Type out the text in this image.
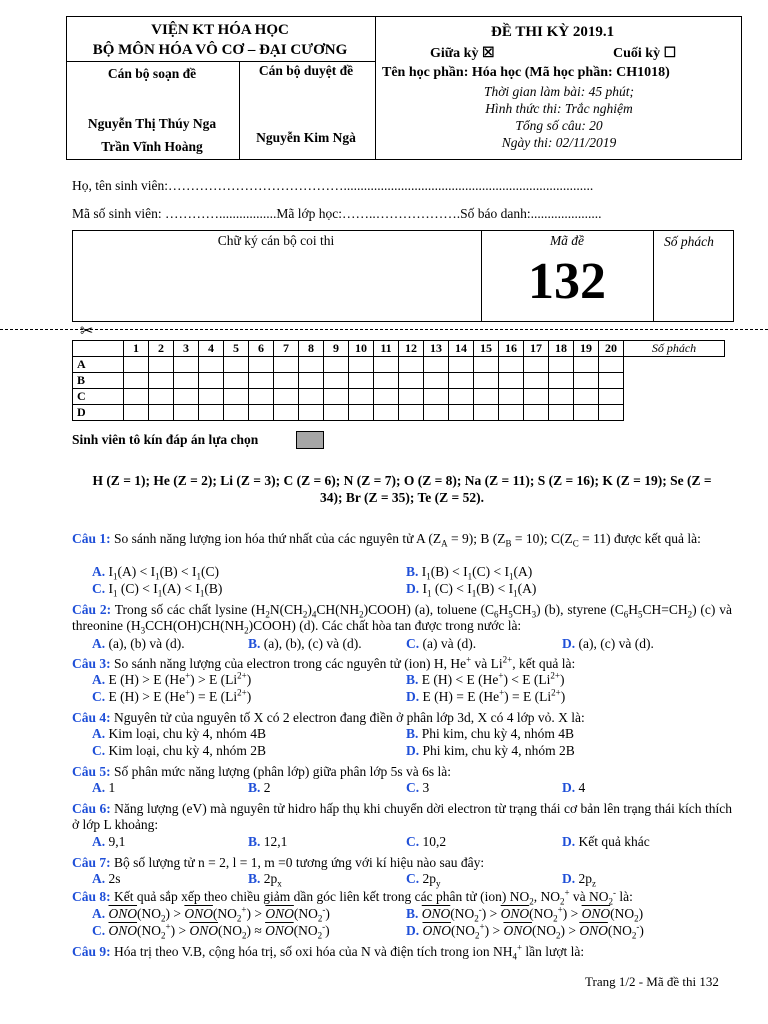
VIỆN KT HÓA HỌC
BỘ MÔN HÓA VÔ CƠ – ĐẠI CƯƠNG
Cán bộ soạn đề	Cán bộ duyệt đề
Nguyễn Thị Thúy Nga
Trần Vĩnh Hoàng
Nguyễn Kim Ngà
ĐỀ THI KỲ 2019.1
Giữa kỳ ☒	Cuối kỳ ☐
Tên học phần: Hóa học (Mã học phần: CH1018)
Thời gian làm bài: 45 phút;
Hình thức thi: Trắc nghiệm
Tổng số câu: 20
Ngày thi: 02/11/2019
Họ, tên sinh viên:…………………………………..........................................................................
Mã số sinh viên: ………….................Mã lớp học:……..……………….Số báo danh:.....................
Chữ ký cán bộ coi thi	Mã đề
132
Số phách
✂
	1	2	3	4	5	6	7	8	9	10	11	12	13	14	15	16	17	18	19	20	Số phách
A																					
B																					
C																					
D																					
Sinh viên tô kín đáp án lựa chọn
H (Z = 1); He (Z = 2); Li (Z = 3); C (Z = 6); N (Z = 7); O (Z = 8); Na (Z = 11); S (Z = 16); K (Z = 19); Se (Z = 34); Br (Z = 35); Te (Z = 52).
Câu 1: So sánh năng lượng ion hóa thứ nhất của các nguyên tử A $(Z_A = 9)$; B $(Z_B = 10)$; $C(Z_C = 11)$ được kết quả là:
A. $I_1(A) < I_1(B) < I_1(C)$	B. $I_1(B) < I_1(C) < I_1(A)$
C. $I_1$ $(C) < I_1(A) < I_1(B)$	D. $I_1$ $(C) < I_1(B) < I_1(A)$
Câu 2: Trong số các chất lysine $(H_2N(CH_2)_4CH(NH_2)COOH)$ (a), toluene $(C_6H_5CH_3)$ (b), styrene $(C_6H_5CH=CH_2)$ (c) và threonine $(H_3CCH(OH)CH(NH_2)COOH)$ (d). Các chất hòa tan được trong nước là:
A. (a), (b) và (d).	B. (a), (b), (c) và (d).	C. (a) và (d).	D. (a), (c) và (d).
Câu 3: So sánh năng lượng của electron trong các nguyên tử (ion) H, He+ và $Li^{2+}$, kết quả là:
A. E (H) > E (He+) > E $(Li^{2+})$	B. E (H) < E (He+) < E $(Li^{2+})$
C. E (H) > E (He+) = E $(Li^{2+})$	D. E (H) = E (He+) = E $(Li^{2+})$
Câu 4: Nguyên tử của nguyên tố X có 2 electron đang điền ở phân lớp 3d, X có 4 lớp vỏ. X là:
A. Kim loại, chu kỳ 4, nhóm 4B	B. Phi kim, chu kỳ 4, nhóm 4B
C. Kim loại, chu kỳ 4, nhóm 2B	D. Phi kim, chu kỳ 4, nhóm 2B
Câu 5: Số phân mức năng lượng (phân lớp) giữa phân lớp 5s và 6s là:
A. 1	B. 2	C. 3	D. 4
Câu 6: Năng lượng (eV) mà nguyên tử hidro hấp thụ khi chuyển dời electron từ trạng thái cơ bản lên trạng thái kích thích ở lớp L khoảng:
A. 9,1	B. 12,1	C. 10,2	D. Kết quả khác
Câu 7: Bộ số lượng tử n = 2, l = 1, m =0 tương ứng với kí hiệu nào sau đây:
A. 2s	B. $2p_x$	C. $2p_y$	D. $2p_z$
Câu 8: Kết quả sắp xếp theo chiều giảm dần góc liên kết trong các phân tử (ion) $NO_2$, $NO_2^+$ và $NO_2^-$ là:
A. $\overline{ONO}(NO_2) > \overline{ONO}(NO_2^+) > \overline{ONO}(NO_2^-)$	B. $\overline{ONO}(NO_2^-) > \overline{ONO}(NO_2^+) > \overline{ONO}(NO_2)$
C. $\overline{ONO}(NO_2^+) > \overline{ONO}(NO_2) \approx \overline{ONO}(NO_2^-)$	D. $\overline{ONO}(NO_2^+) > \overline{ONO}(NO_2) > \overline{ONO}(NO_2^-)$
Câu 9: Hóa trị theo V.B, cộng hóa trị, số oxi hóa của N và điện tích trong ion $NH_4^+$ lần lượt là:
Trang 1/2 - Mã đề thi 132
